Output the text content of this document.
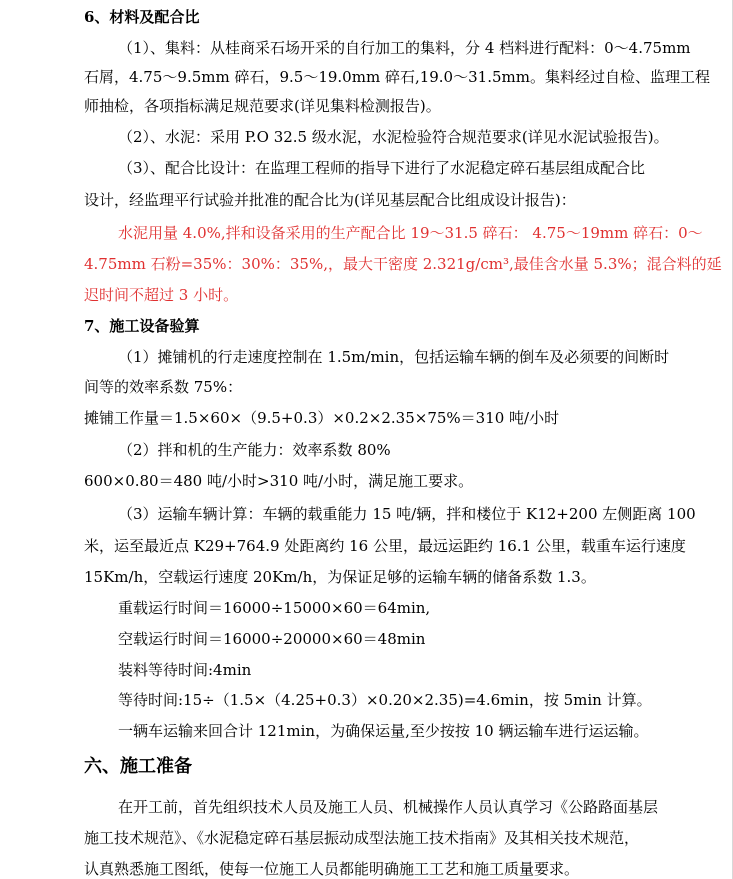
6、材料及配合比
（1）、集料：从桂商采石场开采的自行加工的集料，分 4 档料进行配料：0～4.75mm
石屑，4.75～9.5mm 碎石，9.5～19.0mm 碎石,19.0～31.5mm。集料经过自检、监理工程
师抽检，各项指标满足规范要求(详见集料检测报告)。
（2）、水泥：采用 P.O 32.5 级水泥，水泥检验符合规范要求(详见水泥试验报告)。
（3）、配合比设计：在监理工程师的指导下进行了水泥稳定碎石基层组成配合比
设计，经监理平行试验并批准的配合比为(详见基层配合比组成设计报告)：
水泥用量 4.0%,拌和设备采用的生产配合比 19～31.5 碎石： 4.75～19mm 碎石：0～
4.75mm 石粉=35%：30%：35%,，最大干密度 2.321g/cm³,最佳含水量 5.3%；混合料的延
迟时间不超过 3 小时。
7、施工设备验算
（1）摊铺机的行走速度控制在 1.5m/min，包括运输车辆的倒车及必须要的间断时
间等的效率系数 75%：
摊铺工作量＝1.5×60×（9.5+0.3）×0.2×2.35×75%＝310 吨/小时
（2）拌和机的生产能力：效率系数 80%
600×0.80＝480 吨/小时>310 吨/小时，满足施工要求。
（3）运输车辆计算：车辆的载重能力 15 吨/辆，拌和楼位于 K12+200 左侧距离 100
米，运至最近点 K29+764.9 处距离约 16 公里，最远运距约 16.1 公里，载重车运行速度
15Km/h，空载运行速度 20Km/h，为保证足够的运输车辆的储备系数 1.3。
重载运行时间＝16000÷15000×60＝64min,
空载运行时间＝16000÷20000×60＝48min
装料等待时间:4min
等待时间:15÷（1.5×（4.25+0.3）×0.20×2.35)=4.6min，按 5min 计算。
一辆车运输来回合计 121min，为确保运量,至少按按 10 辆运输车进行运运输。
六、施工准备
在开工前，首先组织技术人员及施工人员、机械操作人员认真学习《公路路面基层
施工技术规范》、《水泥稳定碎石基层振动成型法施工技术指南》及其相关技术规范，
认真熟悉施工图纸，使每一位施工人员都能明确施工工艺和施工质量要求。
